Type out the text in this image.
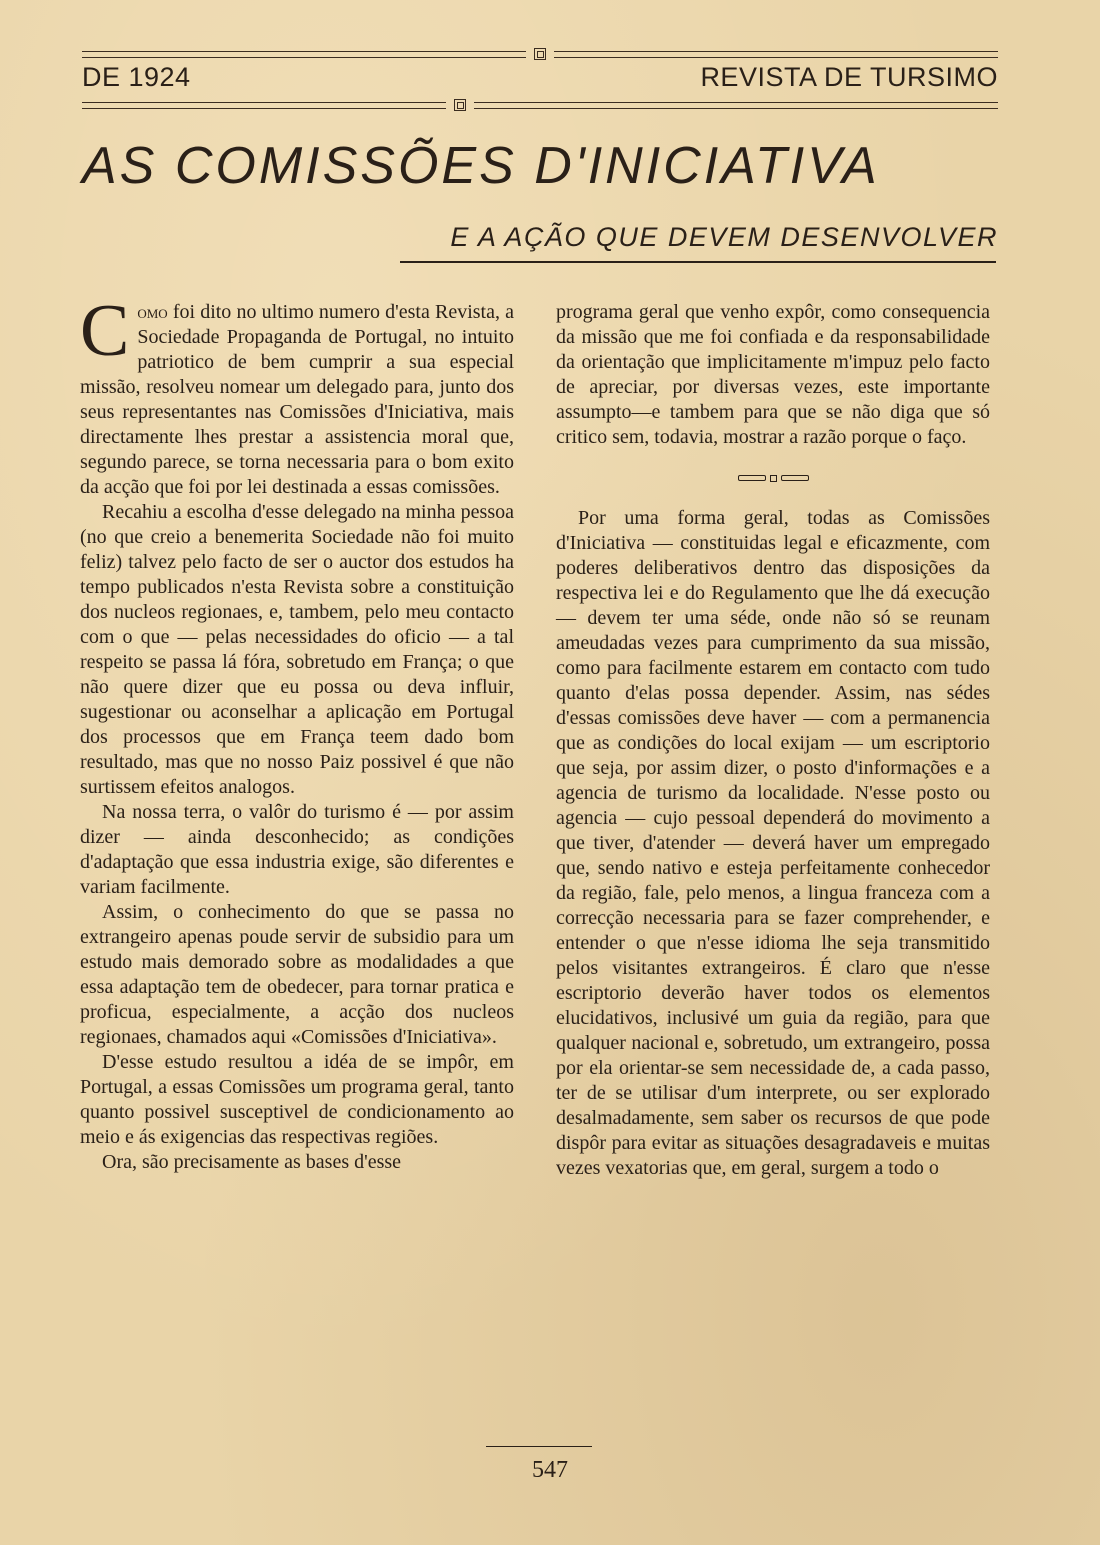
DE 1924	REVISTA DE TURSIMO
AS COMISSÕES D'INICIATIVA
E A AÇÃO QUE DEVEM DESENVOLVER

Como foi dito no ultimo numero d'esta Revista, a Sociedade Propaganda de Portugal, no intuito patriotico de bem cumprir a sua especial missão, resolveu nomear um delegado para, junto dos seus representantes nas Comissões d'Iniciativa, mais directamente lhes prestar a assistencia moral que, segundo parece, se torna necessaria para o bom exito da acção que foi por lei destinada a essas comissões.

Recahiu a escolha d'esse delegado na minha pessoa (no que creio a benemerita Sociedade não foi muito feliz) talvez pelo facto de ser o auctor dos estudos ha tempo publicados n'esta Revista sobre a constituição dos nucleos regionaes, e, tambem, pelo meu contacto com o que — pelas necessidades do oficio — a tal respeito se passa lá fóra, sobretudo em França; o que não quere dizer que eu possa ou deva influir, sugestionar ou aconselhar a aplicação em Portugal dos processos que em França teem dado bom resultado, mas que no nosso Paiz possivel é que não surtissem efeitos analogos.

Na nossa terra, o valôr do turismo é — por assim dizer — ainda desconhecido; as condições d'adaptação que essa industria exige, são diferentes e variam facilmente.

Assim, o conhecimento do que se passa no extrangeiro apenas poude servir de subsidio para um estudo mais demorado sobre as modalidades a que essa adaptação tem de obedecer, para tornar pratica e proficua, especialmente, a acção dos nucleos regionaes, chamados aqui «Comissões d'Iniciativa».

D'esse estudo resultou a idéa de se impôr, em Portugal, a essas Comissões um programa geral, tanto quanto possivel susceptivel de condicionamento ao meio e ás exigencias das respectivas regiões.

Ora, são precisamente as bases d'esse

programa geral que venho expôr, como consequencia da missão que me foi confiada e da responsabilidade da orientação que implicitamente m'impuz pelo facto de apreciar, por diversas vezes, este importante assumpto—e tambem para que se não diga que só critico sem, todavia, mostrar a razão porque o faço.

Por uma forma geral, todas as Comissões d'Iniciativa — constituidas legal e eficazmente, com poderes deliberativos dentro das disposições da respectiva lei e do Regulamento que lhe dá execução — devem ter uma séde, onde não só se reunam ameudadas vezes para cumprimento da sua missão, como para facilmente estarem em contacto com tudo quanto d'elas possa depender. Assim, nas sédes d'essas comissões deve haver — com a permanencia que as condições do local exijam — um escriptorio que seja, por assim dizer, o posto d'informações e a agencia de turismo da localidade. N'esse posto ou agencia — cujo pessoal dependerá do movimento a que tiver, d'atender — deverá haver um empregado que, sendo nativo e esteja perfeitamente conhecedor da região, fale, pelo menos, a lingua franceza com a correcção necessaria para se fazer comprehender, e entender o que n'esse idioma lhe seja transmitido pelos visitantes extrangeiros. É claro que n'esse escriptorio deverão haver todos os elementos elucidativos, inclusivé um guia da região, para que qualquer nacional e, sobretudo, um extrangeiro, possa por ela orientar-se sem necessidade de, a cada passo, ter de se utilisar d'um interprete, ou ser explorado desalmadamente, sem saber os recursos de que pode dispôr para evitar as situações desagradaveis e muitas vezes vexatorias que, em geral, surgem a todo o

547
